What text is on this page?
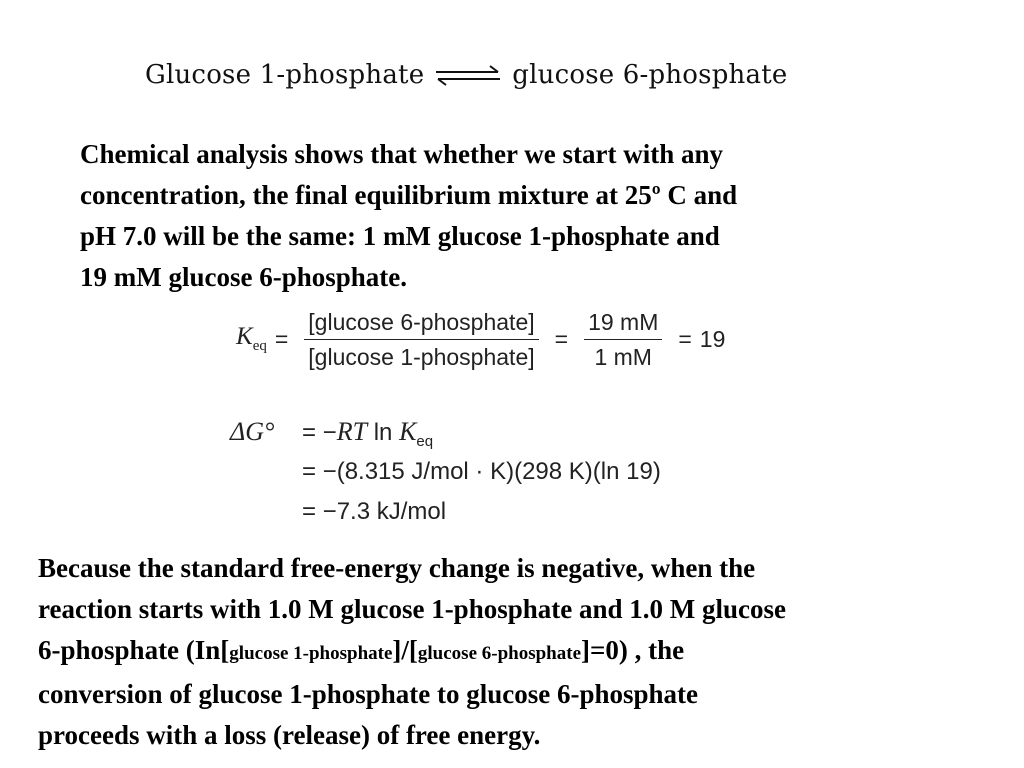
Glucose 1-phosphate ⇌ glucose 6-phosphate

Chemical analysis shows that whether we start with any
concentration, the final equilibrium mixture at 25º C and
pH 7.0 will be the same: 1 mM glucose 1-phosphate and
19 mM glucose 6-phosphate.

$K_{eq} = \frac{\text{[glucose 6-phosphate]}}{\text{[glucose 1-phosphate]}} = \frac{19 mM}{1 mM} = 19$
ΔG° = −RT $\ln K_{eq}$
= −(8.315 J/mol · K)(298 K)(ln 19)
= −7.3 kJ/mol

Because the standard free-energy change is negative, when the
reaction starts with 1.0 M glucose 1-phosphate and 1.0 M glucose
6-phosphate (In[glucose 1-phosphate]/[glucose 6-phosphate]=0) , the
conversion of glucose 1-phosphate to glucose 6-phosphate
proceeds with a loss (release) of free energy.
